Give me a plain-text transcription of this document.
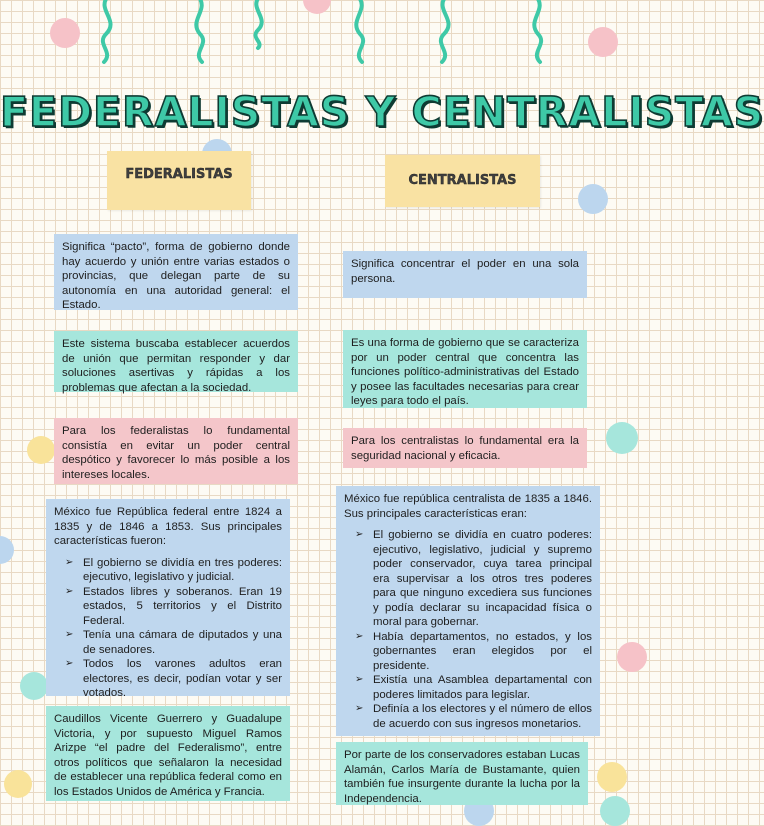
FEDERALISTAS Y CENTRALISTAS
FEDERALISTAS	CENTRALISTAS

Significa “pacto”, forma de gobierno donde hay acuerdo y unión entre varias estados o provincias, que delegan parte de su autonomía en una autoridad general: el Estado.

Este sistema buscaba establecer acuerdos de unión que permitan responder y dar soluciones asertivas y rápidas a los problemas que afectan a la sociedad.

Para los federalistas lo fundamental consistía en evitar un poder central despótico y favorecer lo más posible a los intereses locales.

México fue República federal entre 1824 a 1835 y de 1846 a 1853. Sus principales características fueron:

➢ El gobierno se dividía en tres poderes: ejecutivo, legislativo y judicial.
➢ Estados libres y soberanos. Eran 19 estados, 5 territorios y el Distrito Federal.
➢ Tenía una cámara de diputados y una de senadores.
➢ Todos los varones adultos eran electores, es decir, podían votar y ser votados.

Caudillos Vicente Guerrero y Guadalupe Victoria, y por supuesto Miguel Ramos Arizpe “el padre del Federalismo”, entre otros políticos que señalaron la necesidad de establecer una república federal como en los Estados Unidos de América y Francia.

Significa concentrar el poder en una sola persona.

Es una forma de gobierno que se caracteriza por un poder central que concentra las funciones político-administrativas del Estado y posee las facultades necesarias para crear leyes para todo el país.

Para los centralistas lo fundamental era la seguridad nacional y eficacia.

México fue república centralista de 1835 a 1846. Sus principales características eran:

➢ El gobierno se dividía en cuatro poderes: ejecutivo, legislativo, judicial y supremo poder conservador, cuya tarea principal era supervisar a los otros tres poderes para que ninguno excediera sus funciones y podía declarar su incapacidad física o moral para gobernar.
➢ Había departamentos, no estados, y los gobernantes eran elegidos por el presidente.
➢ Existía una Asamblea departamental con poderes limitados para legislar.
➢ Definía a los electores y el número de ellos de acuerdo con sus ingresos monetarios.

Por parte de los conservadores estaban Lucas Alamán, Carlos María de Bustamante, quien también fue insurgente durante la lucha por la Independencia.
